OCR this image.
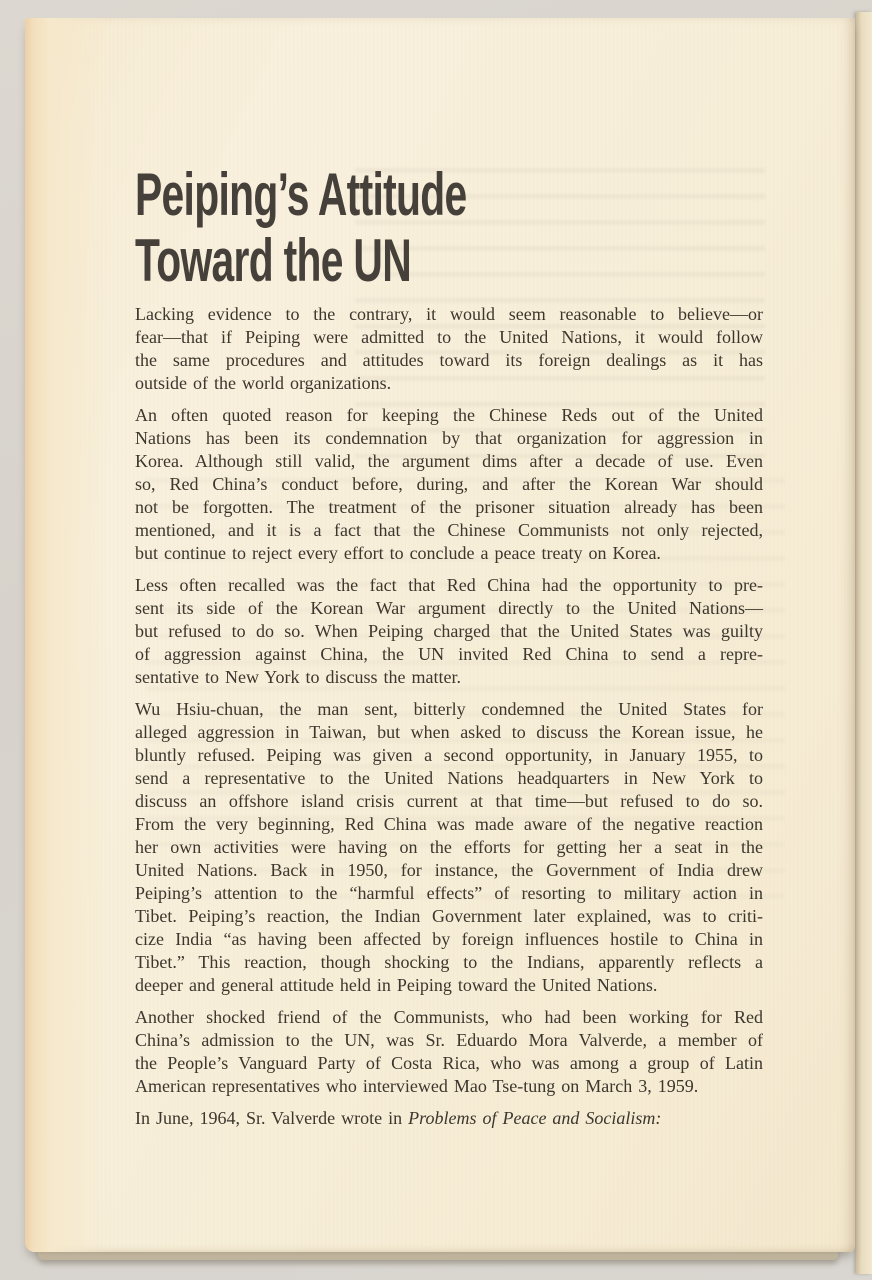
Peiping’s Attitude
Toward the UN
Lacking evidence to the contrary, it would seem reasonable to believe—or
fear—that if Peiping were admitted to the United Nations, it would follow
the same procedures and attitudes toward its foreign dealings as it has
outside of the world organizations.
An often quoted reason for keeping the Chinese Reds out of the United
Nations has been its condemnation by that organization for aggression in
Korea. Although still valid, the argument dims after a decade of use. Even
so, Red China’s conduct before, during, and after the Korean War should
not be forgotten. The treatment of the prisoner situation already has been
mentioned, and it is a fact that the Chinese Communists not only rejected,
but continue to reject every effort to conclude a peace treaty on Korea.
Less often recalled was the fact that Red China had the opportunity to pre-
sent its side of the Korean War argument directly to the United Nations—
but refused to do so. When Peiping charged that the United States was guilty
of aggression against China, the UN invited Red China to send a repre-
sentative to New York to discuss the matter.
Wu Hsiu-chuan, the man sent, bitterly condemned the United States for
alleged aggression in Taiwan, but when asked to discuss the Korean issue, he
bluntly refused. Peiping was given a second opportunity, in January 1955, to
send a representative to the United Nations headquarters in New York to
discuss an offshore island crisis current at that time—but refused to do so.
From the very beginning, Red China was made aware of the negative reaction
her own activities were having on the efforts for getting her a seat in the
United Nations. Back in 1950, for instance, the Government of India drew
Peiping’s attention to the “harmful effects” of resorting to military action in
Tibet. Peiping’s reaction, the Indian Government later explained, was to criti-
cize India “as having been affected by foreign influences hostile to China in
Tibet.” This reaction, though shocking to the Indians, apparently reflects a
deeper and general attitude held in Peiping toward the United Nations.
Another shocked friend of the Communists, who had been working for Red
China’s admission to the UN, was Sr. Eduardo Mora Valverde, a member of
the People’s Vanguard Party of Costa Rica, who was among a group of Latin
American representatives who interviewed Mao Tse-tung on March 3, 1959.
In June, 1964, Sr. Valverde wrote in Problems of Peace and Socialism:
